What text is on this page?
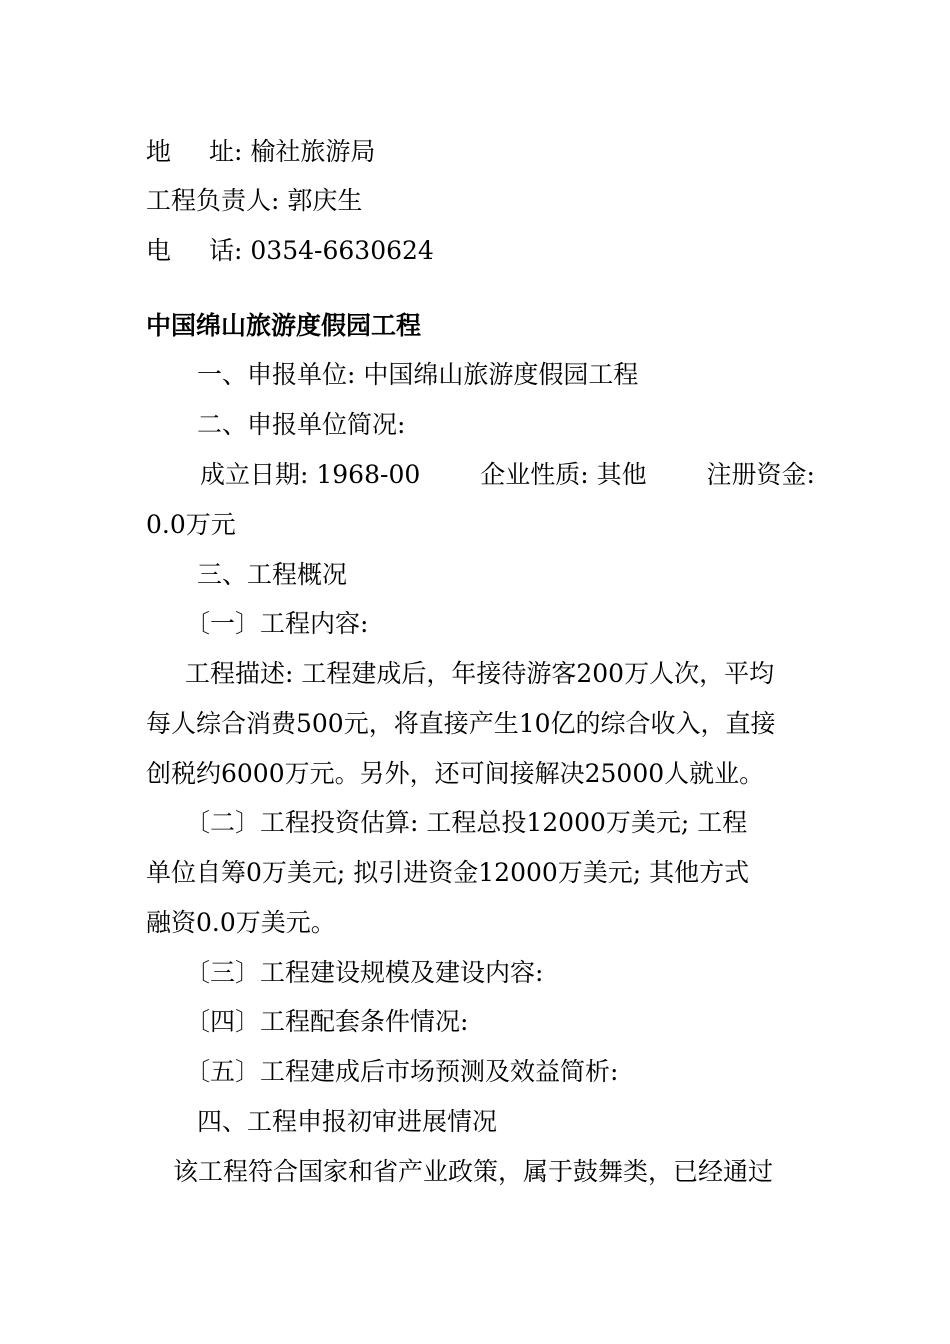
地 址: 榆社旅游局
工程负责人: 郭庆生
电 话: 0354-6630624
中国绵山旅游度假园工程
一、申报单位: 中国绵山旅游度假园工程
二、申报单位简况:
成立日期: 1968-00 企业性质: 其他 注册资金:
0.0万元
三、工程概况
〔一〕工程内容:
工程描述: 工程建成后，年接待游客200万人次，平均
每人综合消费500元，将直接产生10亿的综合收入，直接
创税约6000万元。另外，还可间接解决25000人就业。
〔二〕工程投资估算: 工程总投12000万美元; 工程
单位自筹0万美元; 拟引进资金12000万美元; 其他方式
融资0.0万美元。
〔三〕工程建设规模及建设内容:
〔四〕工程配套条件情况:
〔五〕工程建成后市场预测及效益简析:
四、工程申报初审进展情况
该工程符合国家和省产业政策，属于鼓舞类，已经通过
